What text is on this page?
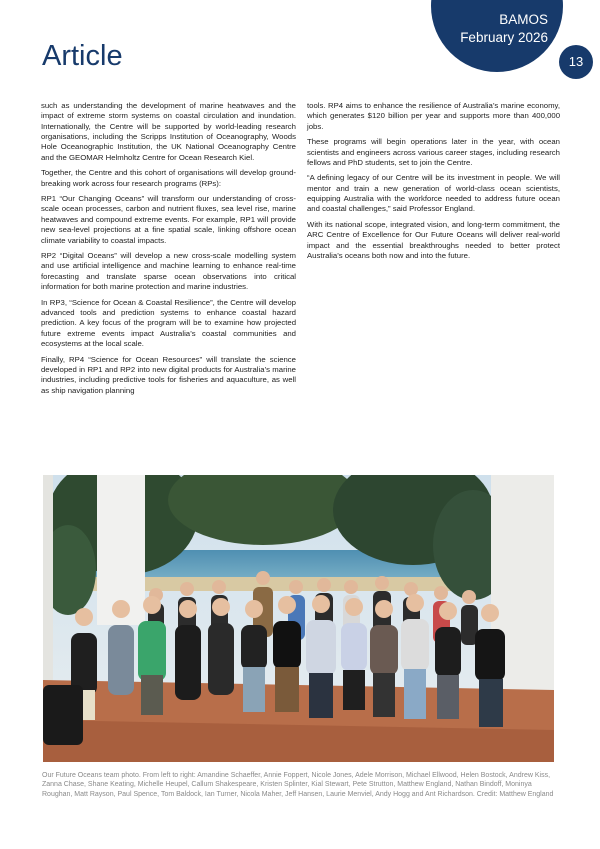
BAMOS
February 2026
13
Article

such as understanding the development of marine heatwaves and the impact of extreme storm systems on coastal circulation and inundation. Internationally, the Centre will be supported by world-leading research organisations, including the Scripps Institution of Oceanography, Woods Hole Oceanographic Institution, the UK National Oceanography Centre and the GEOMAR Helmholtz Centre for Ocean Research Kiel.

Together, the Centre and this cohort of organisations will develop ground-breaking work across four research programs (RPs):

RP1 “Our Changing Oceans” will transform our understanding of cross-scale ocean processes, carbon and nutrient fluxes, sea level rise, marine heatwaves and compound extreme events. For example, RP1 will provide new sea-level projections at a fine spatial scale, linking offshore ocean climate variability to coastal impacts.

RP2 “Digital Oceans” will develop a new cross-scale modelling system and use artificial intelligence and machine learning to enhance real-time forecasting and translate sparse ocean observations into critical information for both marine protection and marine industries.

In RP3, “Science for Ocean & Coastal Resilience”, the Centre will develop advanced tools and prediction systems to enhance coastal hazard prediction. A key focus of the program will be to examine how projected future extreme events impact Australia’s coastal communities and ecosystems at the local scale.

Finally, RP4 “Science for Ocean Resources” will translate the science developed in RP1 and RP2 into new digital products for Australia’s marine industries, including predictive tools for fisheries and aquaculture, as well as ship navigation planning

tools. RP4 aims to enhance the resilience of Australia’s marine economy, which generates $120 billion per year and supports more than 400,000 jobs.

These programs will begin operations later in the year, with ocean scientists and engineers across various career stages, including research fellows and PhD students, set to join the Centre.

“A defining legacy of our Centre will be its investment in people. We will mentor and train a new generation of world-class ocean scientists, equipping Australia with the workforce needed to address future ocean and coastal challenges,” said Professor England.

With its national scope, integrated vision, and long-term commitment, the ARC Centre of Excellence for Our Future Oceans will deliver real-world impact and the essential breakthroughs needed to better protect Australia’s oceans both now and into the future.

Our Future Oceans team photo. From left to right: Amandine Schaeffer, Annie Foppert, Nicole Jones, Adele Morrison, Michael Ellwood, Helen Bostock, Andrew Kiss, Zanna Chase, Shane Keating, Michelle Heupel, Callum Shakespeare, Kristen Splinter, Kial Stewart, Pete Strutton, Matthew England, Nathan Bindoff, Moninya Roughan, Matt Rayson, Paul Spence, Tom Baldock, Ian Turner, Nicola Maher, Jeff Hansen, Laurie Menviel, Andy Hogg and Ant Richardson. Credit: Matthew England
